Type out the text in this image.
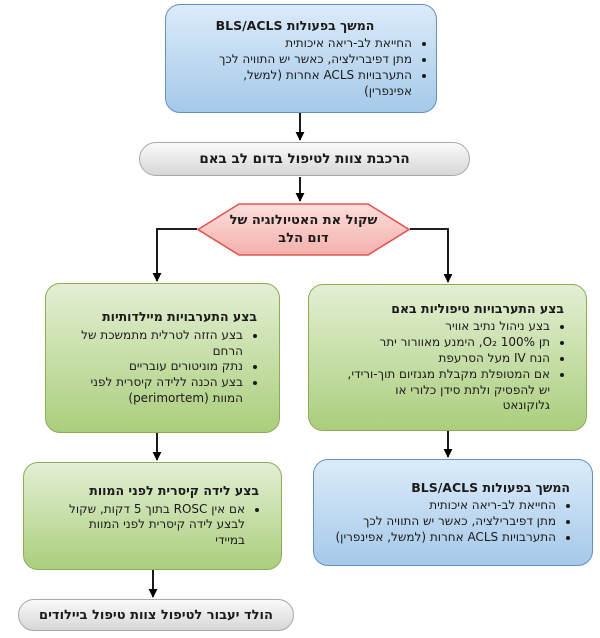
המשך בפעולות BLS/ACLS
• החייאת לב-ריאה איכותית
• מתן דפיברילציה, כאשר יש התוויה לכך
• התערבויות ACLS אחרות (למשל, אפינפרין)
הרכבת צוות לטיפול בדום לב באם
שקול את האטיולוגיה של דום הלב
בצע התערבויות מיילדותיות
• בצע הזזה לטרלית מתמשכת של הרחם
• נתק מוניטורים עובריים
• בצע הכנה ללידה קיסרית לפני המוות (perimortem)
בצע התערבויות טיפוליות באם
• בצע ניהול נתיב אוויר
• תן O₂ 100%, הימנע מאוורור יתר
• הנח IV מעל הסרעפת
• אם המטופלת מקבלת מגנזיום תוך-ורידי, יש להפסיק ולתת סידן כלורי או גלוקונאט
בצע לידה קיסרית לפני המוות
• אם אין ROSC בתוך 5 דקות, שקול לבצע לידה קיסרית לפני המוות במיידי
המשך בפעולות BLS/ACLS
• החייאת לב-ריאה איכותית
• מתן דפיברילציה, כאשר יש התוויה לכך
• התערבויות ACLS אחרות (למשל, אפינפרין)
הולד יעבור לטיפול צוות טיפול ביילודים
